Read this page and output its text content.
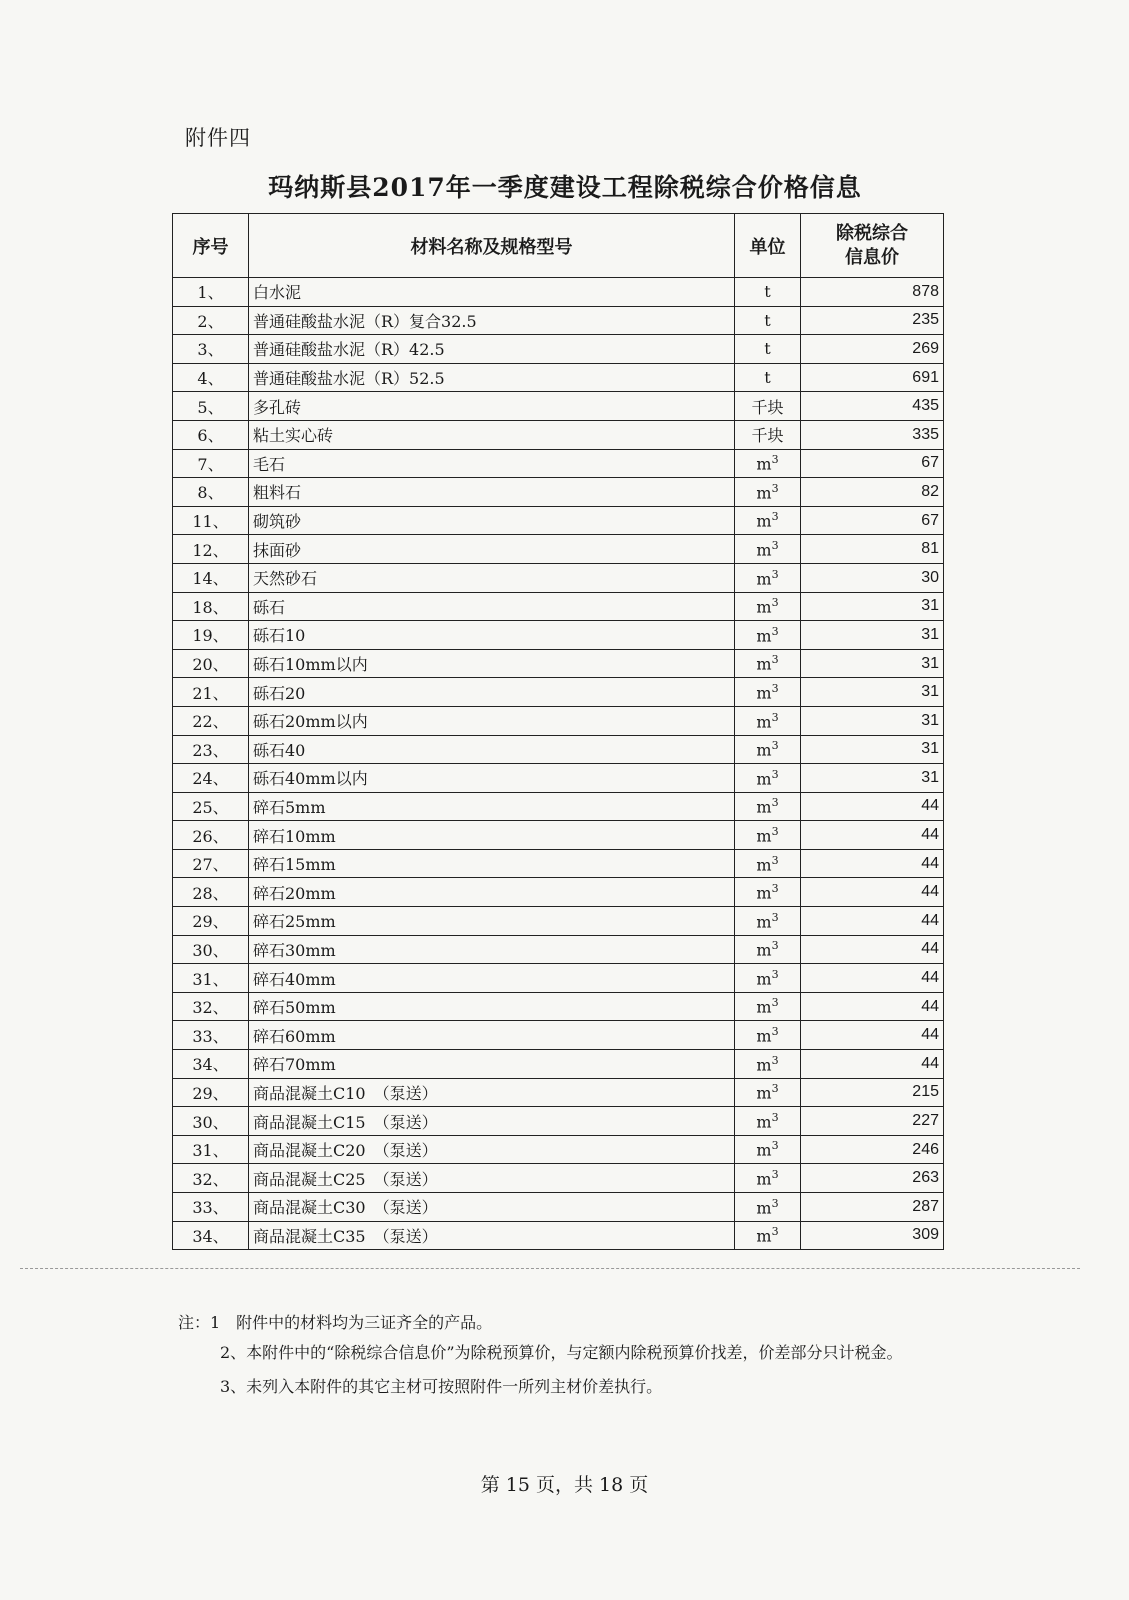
附件四
玛纳斯县2017年一季度建设工程除税综合价格信息
序号	材料名称及规格型号	单位	除税综合
信息价

1、	白水泥	t	878
2、	普通硅酸盐水泥（R）复合32.5	t	235
3、	普通硅酸盐水泥（R）42.5	t	269
4、	普通硅酸盐水泥（R）52.5	t	691
5、	多孔砖	千块	435
6、	粘土实心砖	千块	335
7、	毛石	$m^3$	67
8、	粗料石	$m^3$	82
11、	砌筑砂	$m^3$	67
12、	抹面砂	$m^3$	81
14、	天然砂石	$m^3$	30
18、	砾石	$m^3$	31
19、	砾石10	$m^3$	31
20、	砾石10mm以内	$m^3$	31
21、	砾石20	$m^3$	31
22、	砾石20mm以内	$m^3$	31
23、	砾石40	$m^3$	31
24、	砾石40mm以内	$m^3$	31
25、	碎石5mm	$m^3$	44
26、	碎石10mm	$m^3$	44
27、	碎石15mm	$m^3$	44
28、	碎石20mm	$m^3$	44
29、	碎石25mm	$m^3$	44
30、	碎石30mm	$m^3$	44
31、	碎石40mm	$m^3$	44
32、	碎石50mm	$m^3$	44
33、	碎石60mm	$m^3$	44
34、	碎石70mm	$m^3$	44
29、	商品混凝土C10　（泵送）	$m^3$	215
30、	商品混凝土C15　（泵送）	$m^3$	227
31、	商品混凝土C20　（泵送）	$m^3$	246
32、	商品混凝土C25　（泵送）	$m^3$	263
33、	商品混凝土C30　（泵送）	$m^3$	287
34、	商品混凝土C35　（泵送）	$m^3$	309

注：1　附件中的材料均为三证齐全的产品。

2、本附件中的“除税综合信息价”为除税预算价，与定额内除税预算价找差，价差部分只计税金。

3、未列入本附件的其它主材可按照附件一所列主材价差执行。

第 15 页，共 18 页
